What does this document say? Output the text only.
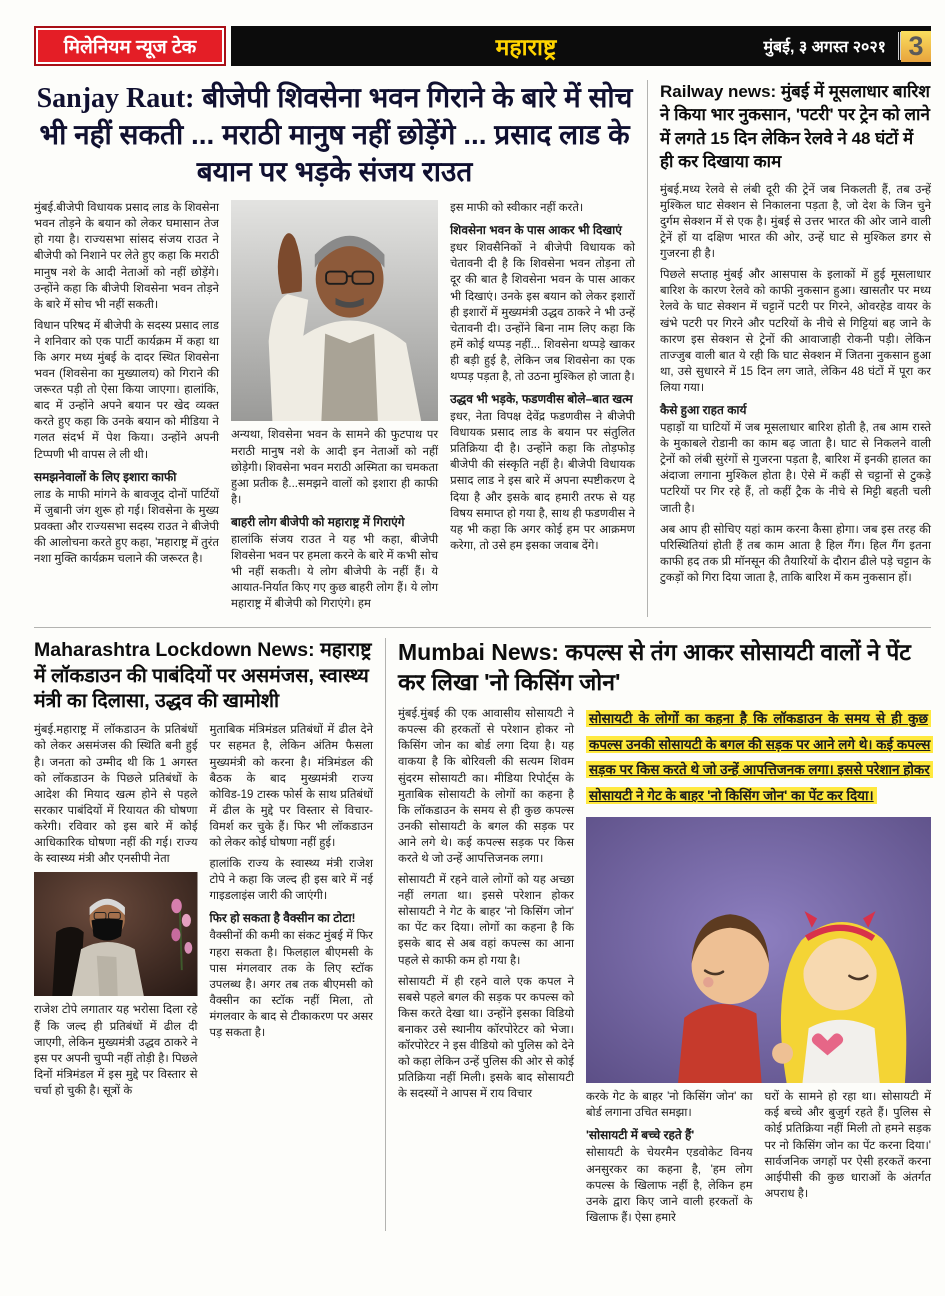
मिलेनियम न्यूज टेक	महाराष्ट्र	मुंबई, ३ अगस्त २०२१ 3
Sanjay Raut: बीजेपी शिवसेना भवन गिराने के बारे में सोच भी नहीं सकती ... मराठी मानुष नहीं छोड़ेंगे ... प्रसाद लाड के बयान पर भड़के संजय राउत

मुंबई.बीजेपी विधायक प्रसाद लाड के शिवसेना भवन तोड़ने के बयान को लेकर घमासान तेज हो गया है। राज्यसभा सांसद संजय राउत ने बीजेपी को निशाने पर लेते हुए कहा कि मराठी मानुष नशे के आदी नेताओं को नहीं छोड़ेंगे। उन्होंने कहा कि बीजेपी शिवसेना भवन तोड़ने के बारे में सोच भी नहीं सकती।

विधान परिषद में बीजेपी के सदस्य प्रसाद लाड ने शनिवार को एक पार्टी कार्यक्रम में कहा था कि अगर मध्य मुंबई के दादर स्थित शिवसेना भवन (शिवसेना का मुख्यालय) को गिराने की जरूरत पड़ी तो ऐसा किया जाएगा। हालांकि, बाद में उन्होंने अपने बयान पर खेद व्यक्त करते हुए कहा कि उनके बयान को मीडिया ने गलत संदर्भ में पेश किया। उन्होंने अपनी टिप्पणी भी वापस ले ली थी।

समझनेवालों के लिए इशारा काफी

लाड के माफी मांगने के बावजूद दोनों पार्टियों में जुबानी जंग शुरू हो गई। शिवसेना के मुख्य प्रवक्ता और राज्यसभा सदस्य राउत ने बीजेपी की आलोचना करते हुए कहा, 'महाराष्ट्र में तुरंत नशा मुक्ति कार्यक्रम चलाने की जरूरत है।

अन्यथा, शिवसेना भवन के सामने की फुटपाथ पर मराठी मानुष नशे के आदी इन नेताओं को नहीं छोड़ेगी। शिवसेना भवन मराठी अस्मिता का चमकता हुआ प्रतीक है...समझने वालों को इशारा ही काफी है।

बाहरी लोग बीजेपी को महाराष्ट्र में गिराएंगे

हालांकि संजय राउत ने यह भी कहा, बीजेपी शिवसेना भवन पर हमला करने के बारे में कभी सोच भी नहीं सकती। ये लोग बीजेपी के नहीं हैं। ये आयात-निर्यात किए गए कुछ बाहरी लोग हैं। ये लोग महाराष्ट्र में बीजेपी को गिराएंगे। हम

इस माफी को स्वीकार नहीं करते।

शिवसेना भवन के पास आकर भी दिखाएं

इधर शिवसैनिकों ने बीजेपी विधायक को चेतावनी दी है कि शिवसेना भवन तोड़ना तो दूर की बात है शिवसेना भवन के पास आकर भी दिखाएं। उनके इस बयान को लेकर इशारों ही इशारों में मुख्यमंत्री उद्धव ठाकरे ने भी उन्हें चेतावनी दी। उन्होंने बिना नाम लिए कहा कि हमें कोई थप्पड़ नहीं... शिवसेना थप्पड़े खाकर ही बड़ी हुई है, लेकिन जब शिवसेना का एक थप्पड़ पड़ता है, तो उठना मुश्किल हो जाता है।

उद्धव भी भड़के, फडणवीस बोले–बात खत्म

इधर, नेता विपक्ष देवेंद्र फडणवीस ने बीजेपी विधायक प्रसाद लाड के बयान पर संतुलित प्रतिक्रिया दी है। उन्होंने कहा कि तोड़फोड़ बीजेपी की संस्कृति नहीं है। बीजेपी विधायक प्रसाद लाड ने इस बारे में अपना स्पष्टीकरण दे दिया है और इसके बाद हमारी तरफ से यह विषय समाप्त हो गया है, साथ ही फडणवीस ने यह भी कहा कि अगर कोई हम पर आक्रमण करेगा, तो उसे हम इसका जवाब देंगे।

Railway news: मुंबई में मूसलाधार बारिश ने किया भार नुकसान, 'पटरी' पर ट्रेन को लाने में लगते 15 दिन लेकिन रेलवे ने 48 घंटों में ही कर दिखाया काम

मुंबई.मध्य रेलवे से लंबी दूरी की ट्रेनें जब निकलती हैं, तब उन्हें मुश्किल घाट सेक्शन से निकालना पड़ता है, जो देश के जिन चुने दुर्गम सेक्शन में से एक है। मुंबई से उत्तर भारत की ओर जाने वाली ट्रेनें हों या दक्षिण भारत की ओर, उन्हें घाट से मुश्किल डगर से गुजरना ही है।

पिछले सप्ताह मुंबई और आसपास के इलाकों में हुई मूसलाधार बारिश के कारण रेलवे को काफी नुकसान हुआ। खासतौर पर मध्य रेलवे के घाट सेक्शन में चट्टानें पटरी पर गिरने, ओवरहेड वायर के खंभे पटरी पर गिरने और पटरियों के नीचे से गिट्टियां बह जाने के कारण इस सेक्शन से ट्रेनों की आवाजाही रोकनी पड़ी। लेकिन ताज्जुब वाली बात ये रही कि घाट सेक्शन में जितना नुकसान हुआ था, उसे सुधारने में 15 दिन लग जाते, लेकिन 48 घंटों में पूरा कर लिया गया।

कैसे हुआ राहत कार्य

पहाड़ों या घाटियों में जब मूसलाधार बारिश होती है, तब आम रास्ते के मुकाबले रोडानी का काम बढ़ जाता है। घाट से निकलने वाली ट्रेनों को लंबी सुरंगों से गुजरना पड़ता है, बारिश में इनकी हालत का अंदाजा लगाना मुश्किल होता है। ऐसे में कहीं से चट्टानों से टुकड़े पटरियों पर गिर रहे हैं, तो कहीं ट्रैक के नीचे से मिट्टी बहती चली जाती है।

अब आप ही सोचिए यहां काम करना कैसा होगा। जब इस तरह की परिस्थितियां होती हैं तब काम आता है हिल गैंग। हिल गैंग इतना काफी हद तक प्री मॉनसून की तैयारियों के दौरान ढीले पड़े चट्टान के टुकड़ों को गिरा दिया जाता है, ताकि बारिश में कम नुकसान हों।

Maharashtra Lockdown News: महाराष्ट्र में लॉकडाउन की पाबंदियों पर असमंजस, स्वास्थ्य मंत्री का दिलासा, उद्धव की खामोशी

मुंबई.महाराष्ट्र में लॉकडाउन के प्रतिबंधों को लेकर असमंजस की स्थिति बनी हुई है। जनता को उम्मीद थी कि 1 अगस्त को लॉकडाउन के पिछले प्रतिबंधों के आदेश की मियाद खत्म होने से पहले सरकार पाबंदियों में रियायत की घोषणा करेगी। रविवार को इस बारे में कोई आधिकारिक घोषणा नहीं की गई। राज्य के स्वास्थ्य मंत्री और एनसीपी नेता

राजेश टोपे लगातार यह भरोसा दिला रहे हैं कि जल्द ही प्रतिबंधों में ढील दी जाएगी, लेकिन मुख्यमंत्री उद्धव ठाकरे ने इस पर अपनी चुप्पी नहीं तोड़ी है। पिछले दिनों मंत्रिमंडल में इस मुद्दे पर विस्तार से चर्चा हो चुकी है। सूत्रों के

मुताबिक मंत्रिमंडल प्रतिबंधों में ढील देने पर सहमत है, लेकिन अंतिम फैसला मुख्यमंत्री को करना है। मंत्रिमंडल की बैठक के बाद मुख्यमंत्री राज्य कोविड-19 टास्क फोर्स के साथ प्रतिबंधों में ढील के मुद्दे पर विस्तार से विचार-विमर्श कर चुके हैं। फिर भी लॉकडाउन को लेकर कोई घोषणा नहीं हुई।

हालांकि राज्य के स्वास्थ्य मंत्री राजेश टोपे ने कहा कि जल्द ही इस बारे में नई गाइडलाइंस जारी की जाएंगी।

फिर हो सकता है वैक्सीन का टोटा!

वैक्सीनों की कमी का संकट मुंबई में फिर गहरा सकता है। फिलहाल बीएमसी के पास मंगलवार तक के लिए स्टॉक उपलब्ध है। अगर तब तक बीएमसी को वैक्सीन का स्टॉक नहीं मिला, तो मंगलवार के बाद से टीकाकरण पर असर पड़ सकता है।

Mumbai News: कपल्स से तंग आकर सोसायटी वालों ने पेंट कर लिखा 'नो किसिंग जोन'

मुंबई.मुंबई की एक आवासीय सोसायटी ने कपल्स की हरकतों से परेशान होकर नो किसिंग जोन का बोर्ड लगा दिया है। यह वाकया है कि बोरिवली की सत्यम शिवम सुंदरम सोसायटी का। मीडिया रिपोर्ट्स के मुताबिक सोसायटी के लोगों का कहना है कि लॉकडाउन के समय से ही कुछ कपल्स उनकी सोसायटी के बगल की सड़क पर आने लगे थे। कई कपल्स सड़क पर किस करते थे जो उन्हें आपत्तिजनक लगा।

सोसायटी में रहने वाले लोगों को यह अच्छा नहीं लगता था। इससे परेशान होकर सोसायटी ने गेट के बाहर 'नो किसिंग जोन' का पेंट कर दिया। लोगों का कहना है कि इसके बाद से अब वहां कपल्स का आना पहले से काफी कम हो गया है।

सोसायटी में ही रहने वाले एक कपल ने सबसे पहले बगल की सड़क पर कपल्स को किस करते देखा था। उन्होंने इसका विडियो बनाकर उसे स्थानीय कॉरपोरेटर को भेजा। कॉरपोरेटर ने इस वीडियो को पुलिस को देने को कहा लेकिन उन्हें पुलिस की ओर से कोई प्रतिक्रिया नहीं मिली। इसके बाद सोसायटी के सदस्यों ने आपस में राय विचार

सोसायटी के लोगों का कहना है कि लॉकडाउन के समय से ही कुछ कपल्स उनकी सोसायटी के बगल की सड़क पर आने लगे थे। कई कपल्स सड़क पर किस करते थे जो उन्हें आपत्तिजनक लगा। इससे परेशान होकर सोसायटी ने गेट के बाहर 'नो किसिंग जोन' का पेंट कर दिया।

करके गेट के बाहर 'नो किसिंग जोन' का बोर्ड लगाना उचित समझा।

'सोसायटी में बच्चे रहते हैं'

सोसायटी के चेयरमैन एडवोकेट विनय अनसुरकर का कहना है, 'हम लोग कपल्स के खिलाफ नहीं है, लेकिन हम उनके द्वारा किए जाने वाली हरकतों के खिलाफ हैं। ऐसा हमारे

घरों के सामने हो रहा था। सोसायटी में कई बच्चे और बुजुर्ग रहते हैं। पुलिस से कोई प्रतिक्रिया नहीं मिली तो हमने सड़क पर नो किसिंग जोन का पेंट करना दिया।' सार्वजनिक जगहों पर ऐसी हरकतें करना आईपीसी की कुछ धाराओं के अंतर्गत अपराध है।
